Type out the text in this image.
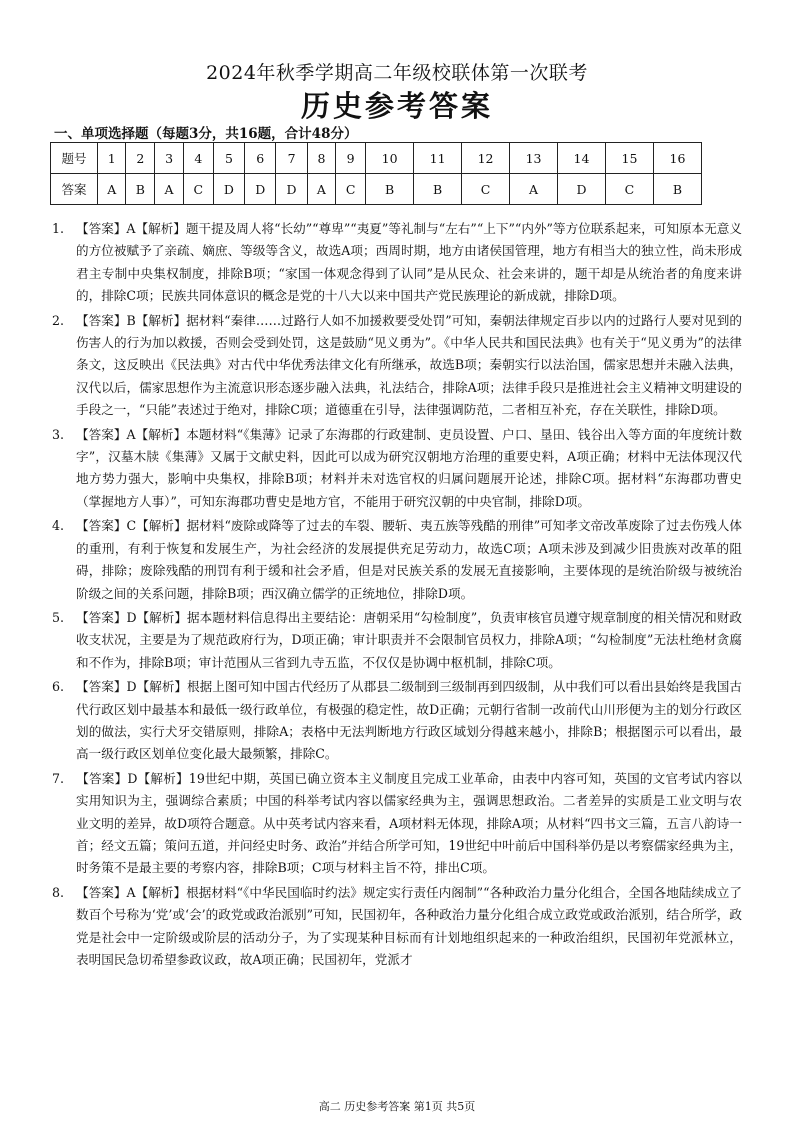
2024年秋季学期高二年级校联体第一次联考
历史参考答案
一、单项选择题（每题3分，共16题，合计48分）
题号	1	2	3	4	5	6	7	8	9	10	11	12	13	14	15	16
答案	A	B	A	C	D	D	D	A	C	B	B	C	A	D	C	B
1. 【答案】A【解析】题干提及周人将“长幼”“尊卑”“夷夏”等礼制与“左右”“上下”“内外”等方位联系起来，可知原本无意义的方位被赋予了亲疏、嫡庶、等级等含义，故选A项；西周时期，地方由诸侯国管理，地方有相当大的独立性，尚未形成君主专制中央集权制度，排除B项；“家国一体观念得到了认同”是从民众、社会来讲的，题干却是从统治者的角度来讲的，排除C项；民族共同体意识的概念是党的十八大以来中国共产党民族理论的新成就，排除D项。
2. 【答案】B【解析】据材料“秦律……过路行人如不加援救要受处罚”可知，秦朝法律规定百步以内的过路行人要对见到的伤害人的行为加以救援，否则会受到处罚，这是鼓励“见义勇为”。《中华人民共和国民法典》也有关于“见义勇为”的法律条文，这反映出《民法典》对古代中华优秀法律文化有所继承，故选B项；秦朝实行以法治国，儒家思想并未融入法典，汉代以后，儒家思想作为主流意识形态逐步融入法典，礼法结合，排除A项；法律手段只是推进社会主义精神文明建设的手段之一，“只能”表述过于绝对，排除C项；道德重在引导，法律强调防范，二者相互补充，存在关联性，排除D项。
3. 【答案】A【解析】本题材料“《集薄》记录了东海郡的行政建制、吏员设置、户口、垦田、钱谷出入等方面的年度统计数字”，汉墓木牍《集薄》又属于文献史料，因此可以成为研究汉朝地方治理的重要史料，A项正确；材料中无法体现汉代地方势力强大，影响中央集权，排除B项；材料并未对选官权的归属问题展开论述，排除C项。据材料“东海郡功曹史（掌握地方人事）”，可知东海郡功曹史是地方官，不能用于研究汉朝的中央官制，排除D项。
4. 【答案】C【解析】据材料“废除或降等了过去的车裂、腰斩、夷五族等残酷的刑律”可知孝文帝改革废除了过去伤残人体的重刑，有利于恢复和发展生产，为社会经济的发展提供充足劳动力，故选C项；A项未涉及到减少旧贵族对改革的阻碍，排除；废除残酷的刑罚有利于缓和社会矛盾，但是对民族关系的发展无直接影响，主要体现的是统治阶级与被统治阶级之间的关系问题，排除B项；西汉确立儒学的正统地位，排除D项。
5. 【答案】D【解析】据本题材料信息得出主要结论：唐朝采用“勾检制度”，负责审核官员遵守规章制度的相关情况和财政收支状况，主要是为了规范政府行为，D项正确；审计职责并不会限制官员权力，排除A项；“勾检制度”无法杜绝材贪腐和不作为，排除B项；审计范围从三省到九寺五监，不仅仅是协调中枢机制，排除C项。
6. 【答案】D【解析】根据上图可知中国古代经历了从郡县二级制到三级制再到四级制，从中我们可以看出县始终是我国古代行政区划中最基本和最低一级行政单位，有极强的稳定性，故D正确；元朝行省制一改前代山川形便为主的划分行政区划的做法，实行犬牙交错原则，排除A；表格中无法判断地方行政区域划分得越来越小，排除B；根据图示可以看出，最高一级行政区划单位变化最大最频繁，排除C。
7. 【答案】D【解析】19世纪中期，英国已确立资本主义制度且完成工业革命，由表中内容可知，英国的文官考试内容以实用知识为主，强调综合素质；中国的科举考试内容以儒家经典为主，强调思想政治。二者差异的实质是工业文明与农业文明的差异，故D项符合题意。从中英考试内容来看，A项材料无体现，排除A项；从材料“四书文三篇，五言八韵诗一首；经文五篇；策问五道，并问经史时务、政治”并结合所学可知，19世纪中叶前后中国科举仍是以考察儒家经典为主，时务策不是最主要的考察内容，排除B项；C项与材料主旨不符，排出C项。
8. 【答案】A【解析】根据材料“《中华民国临时约法》规定实行责任内阁制”“各种政治力量分化组合，全国各地陆续成立了数百个号称为‘党’或‘会’的政党或政治派别”可知，民国初年，各种政治力量分化组合成立政党或政治派别，结合所学，政党是社会中一定阶级或阶层的活动分子，为了实现某种目标而有计划地组织起来的一种政治组织，民国初年党派林立，表明国民急切希望参政议政，故A项正确；民国初年，党派才
高二 历史参考答案 第1页 共5页
